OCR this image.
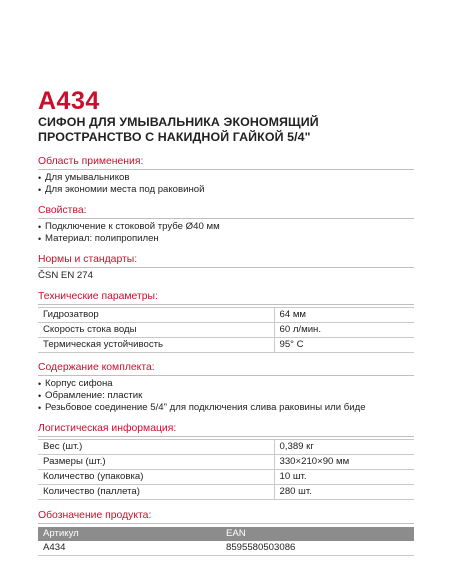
A434
СИФОН ДЛЯ УМЫВАЛЬНИКА ЭКОНОМЯЩИЙ
ПРОСТРАНСТВО С НАКИДНОЙ ГАЙКОЙ 5/4"
Область применения:
• Для умывальников
• Для экономии места под раковиной
Свойства:
• Подключение к стоковой трубе Ø40 мм
• Материал: полипропилен
Нормы и стандарты:
ČSN EN 274
Технические параметры:
Гидрозатвор	64 мм
Скорость стока воды	60 л/мин.
Термическая устойчивость	95° C
Содержание комплекта:
• Корпус сифона
• Обрамление: пластик
• Резьбовое соединение 5/4" для подключения слива раковины или биде
Логистическая информация:
Вес (шт.)	0,389 кг
Размеры (шт.)	330×210×90 мм
Количество (упаковка)	10 шт.
Количество (паллета)	280 шт.
Обозначение продукта:
Артикул	EAN
A434	8595580503086
